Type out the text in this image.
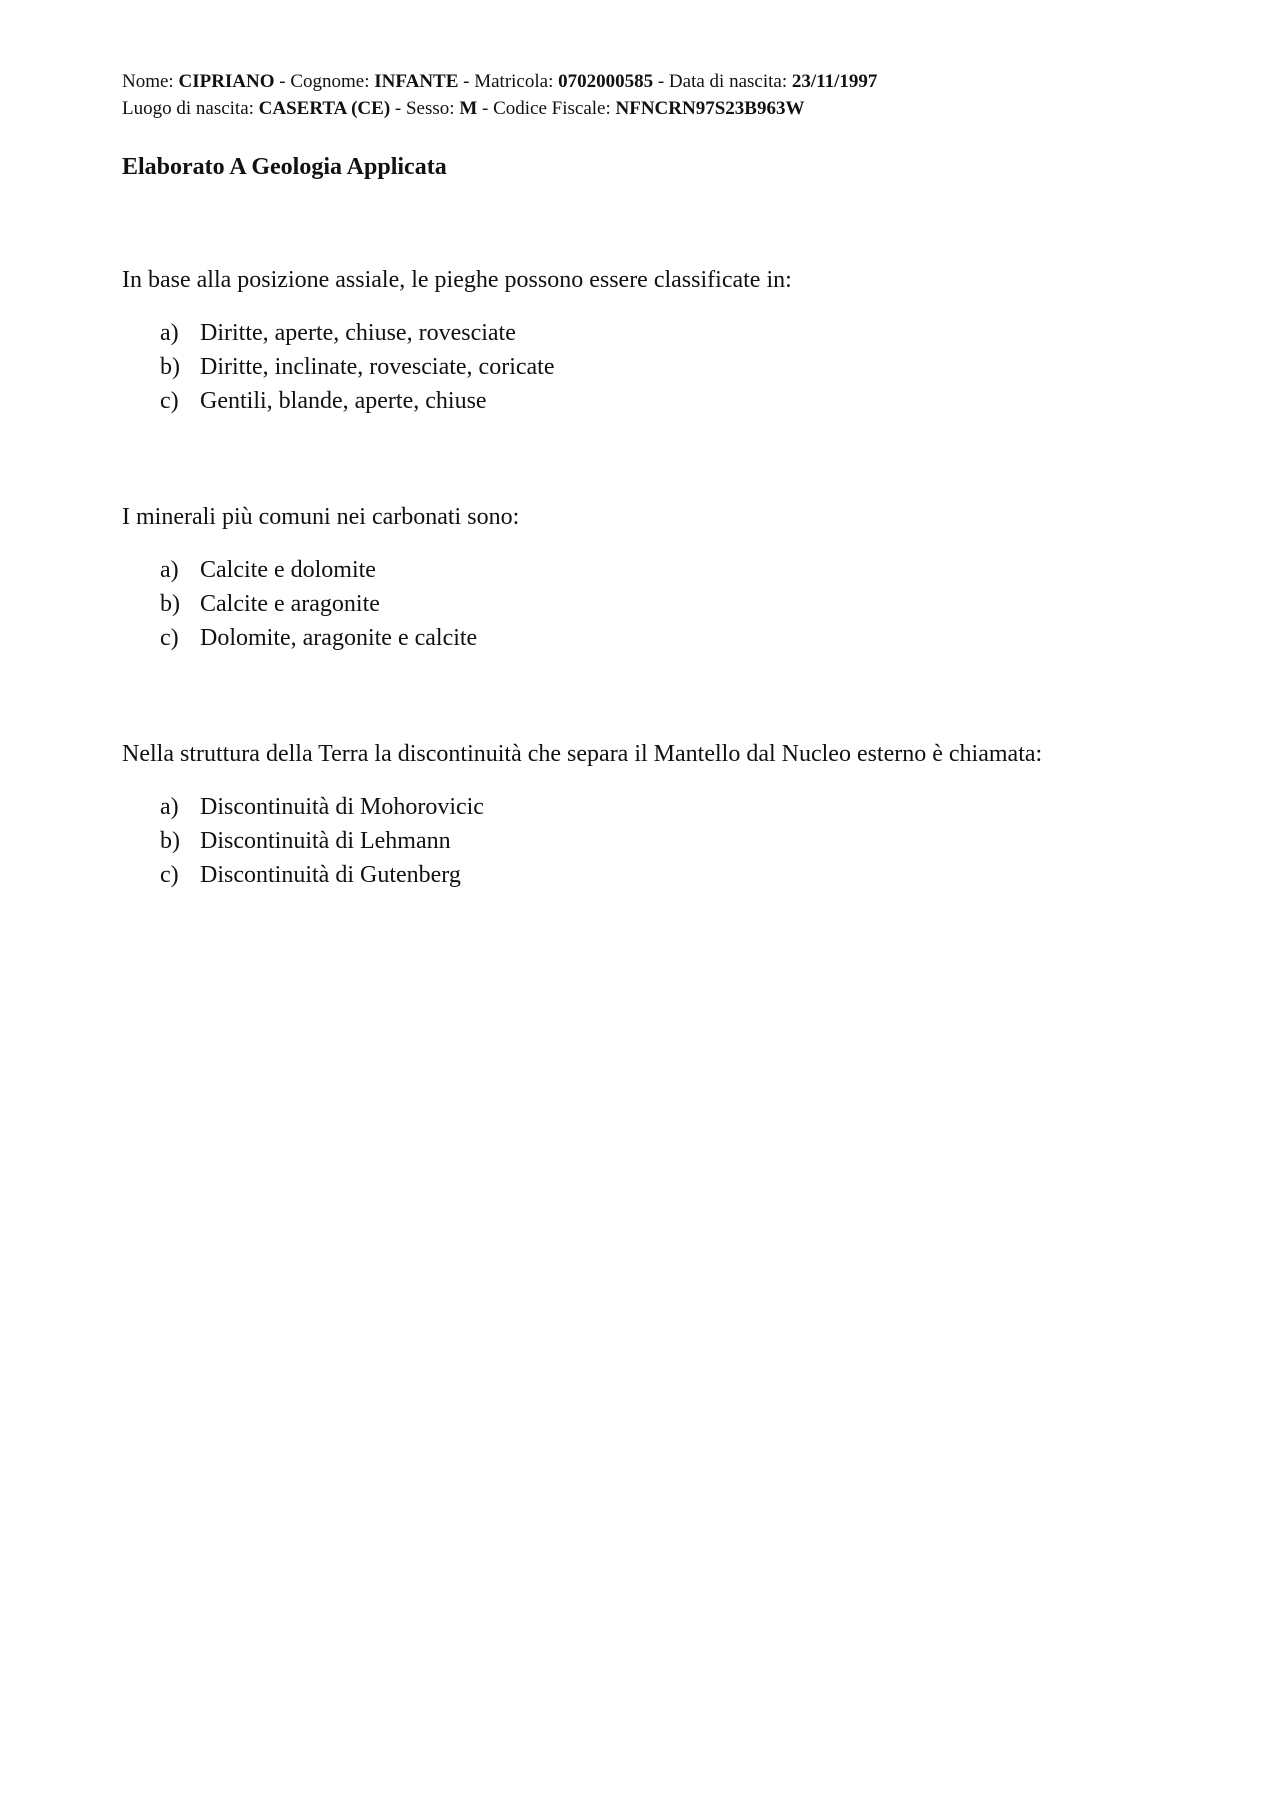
Nome: CIPRIANO - Cognome: INFANTE - Matricola: 0702000585 - Data di nascita: 23/11/1997
Luogo di nascita: CASERTA (CE) - Sesso: M - Codice Fiscale: NFNCRN97S23B963W
Elaborato A Geologia Applicata
In base alla posizione assiale, le pieghe possono essere classificate in:
a) Diritte, aperte, chiuse, rovesciate
b) Diritte, inclinate, rovesciate, coricate
c) Gentili, blande, aperte, chiuse
I minerali più comuni nei carbonati sono:
a) Calcite e dolomite
b) Calcite e aragonite
c) Dolomite, aragonite e calcite
Nella struttura della Terra la discontinuità che separa il Mantello dal Nucleo esterno è chiamata:
a) Discontinuità di Mohorovicic
b) Discontinuità di Lehmann
c) Discontinuità di Gutenberg
